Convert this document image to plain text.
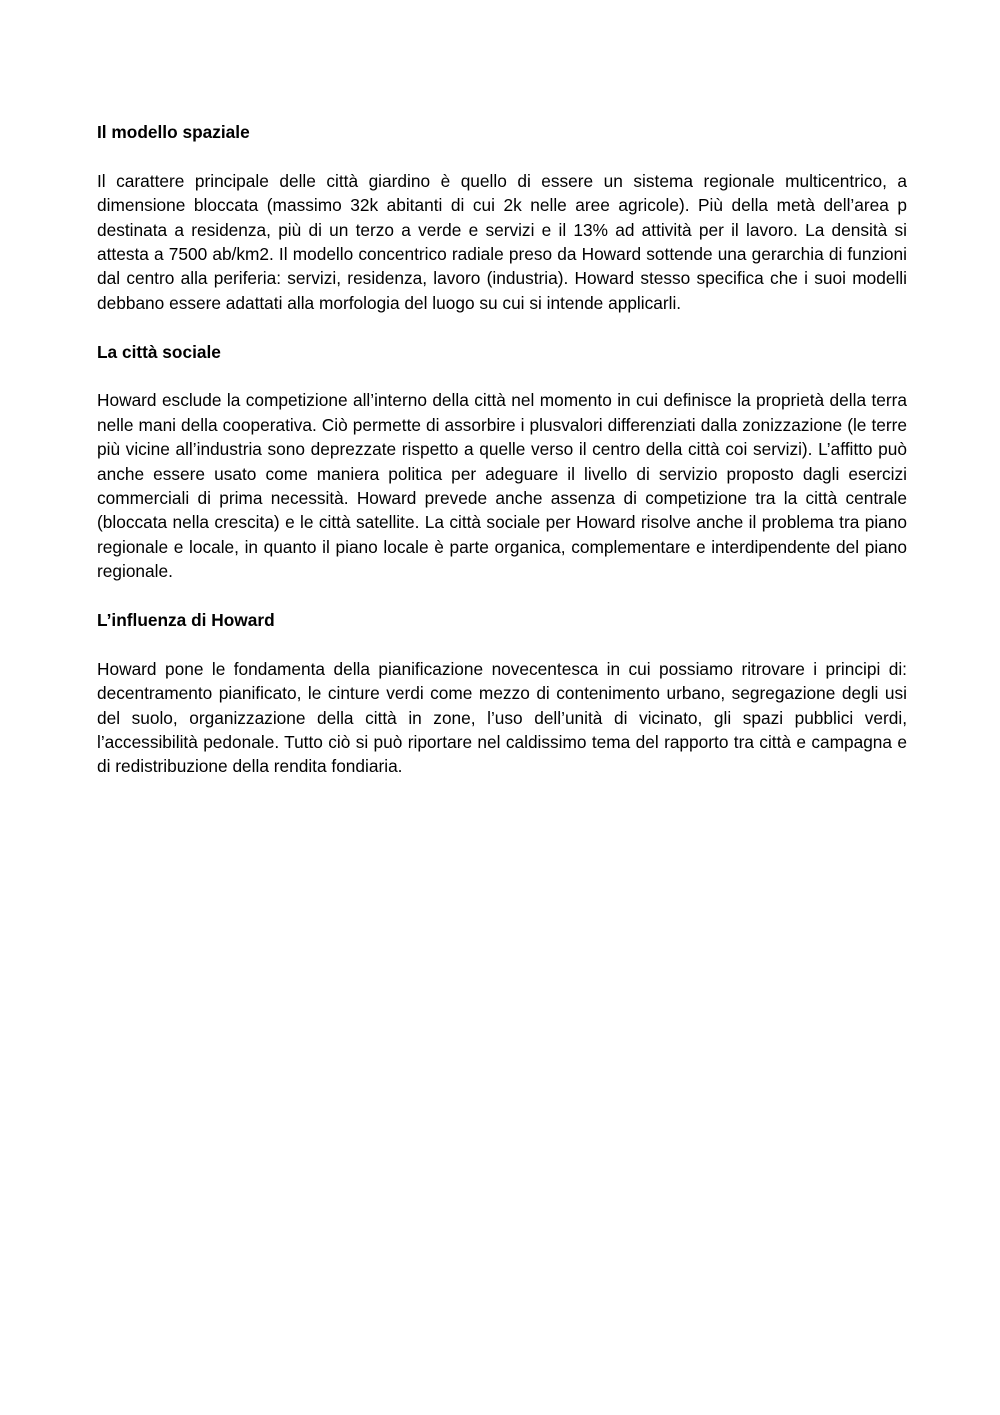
Il modello spaziale

Il carattere principale delle città giardino è quello di essere un sistema regionale multicentrico, a dimensione bloccata (massimo 32k abitanti di cui 2k nelle aree agricole). Più della metà dell’area p destinata a residenza, più di un terzo a verde e servizi e il 13% ad attività per il lavoro. La densità si attesta a 7500 ab/km2. Il modello concentrico radiale preso da Howard sottende una gerarchia di funzioni dal centro alla periferia: servizi, residenza, lavoro (industria). Howard stesso specifica che i suoi modelli debbano essere adattati alla morfologia del luogo su cui si intende applicarli.

La città sociale

Howard esclude la competizione all’interno della città nel momento in cui definisce la proprietà della terra nelle mani della cooperativa. Ciò permette di assorbire i plusvalori differenziati dalla zonizzazione (le terre più vicine all’industria sono deprezzate rispetto a quelle verso il centro della città coi servizi). L’affitto può anche essere usato come maniera politica per adeguare il livello di servizio proposto dagli esercizi commerciali di prima necessità. Howard prevede anche assenza di competizione tra la città centrale (bloccata nella crescita) e le città satellite. La città sociale per Howard risolve anche il problema tra piano regionale e locale, in quanto il piano locale è parte organica, complementare e interdipendente del piano regionale.

L’influenza di Howard

Howard pone le fondamenta della pianificazione novecentesca in cui possiamo ritrovare i principi di: decentramento pianificato, le cinture verdi come mezzo di contenimento urbano, segregazione degli usi del suolo, organizzazione della città in zone, l’uso dell’unità di vicinato, gli spazi pubblici verdi, l’accessibilità pedonale. Tutto ciò si può riportare nel caldissimo tema del rapporto tra città e campagna e di redistribuzione della rendita fondiaria.
